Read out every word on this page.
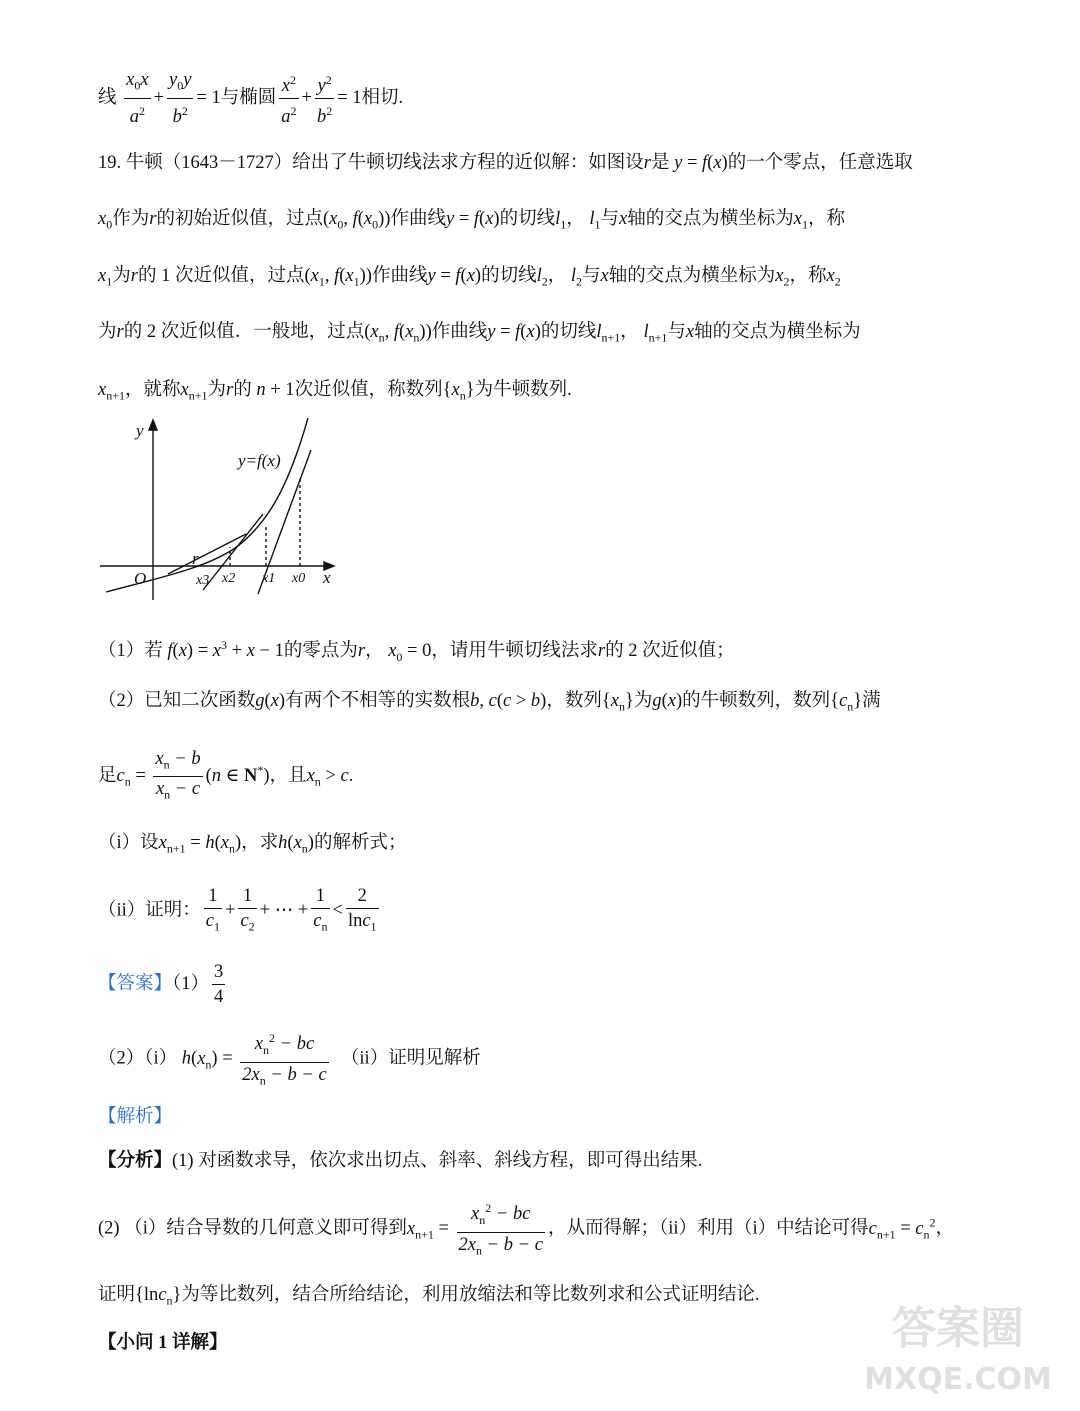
线 $\frac{x_0x}{a^2} + \frac{y_0y}{b^2} = 1$与椭圆 $\frac{x^2}{a^2} + \frac{y^2}{b^2} = 1$相切.
19. 牛顿（1643－1727）给出了牛顿切线法求方程的近似解：如图设r是 y = f(x)的一个零点，任意选取
$x_0$作为r的初始近似值，过点($x_0$, $f(x_0)$)作曲线y = f(x)的切线$l_1$， $l_1$与x轴的交点为横坐标为$x_1$，称
$x_1$为r的 1 次近似值，过点($x_1$, $f(x_1)$)作曲线y = f(x)的切线$l_2$， $l_2$与x轴的交点为横坐标为$x_2$，称$x_2$
为r的 2 次近似值．一般地，过点($x_n$, $f(x_n)$)作曲线y = f(x)的切线$l_{n+1}$， $l_{n+1}$与x轴的交点为横坐标为
$x_{n+1}$，就称$x_{n+1}$为r的 n + 1次近似值，称数列$\{x_n\}$为牛顿数列.
y
x
O
y=f(x)
r
x3 x2 x1 x0
（1）若 $f(x) = x^3 + x - 1$的零点为r， $x_0 = 0$，请用牛顿切线法求r的 2 次近似值；
（2）已知二次函数g(x)有两个不相等的实数根b, c(c > b)，数列$\{x_n\}$为g(x)的牛顿数列，数列$\{c_n\}$满
足$c_n = \frac{x_n - b}{x_n - c} (n$ ∈ N*)，且$x_n > c$.
（i）设$x_{n+1} = h(x_n)$，求$h(x_n)$的解析式；
（ii）证明： $\frac{1}{c_1} + \frac{1}{c_2}$ + ⋯ + $\frac{1}{c_n} < \frac{2}{\ln c_1}$
【答案】$(1) \frac{3}{4}$
（2）（i） $h(x_n) = \frac{x_n^2 - bc}{2x_n - b - c} (ii)$证明见解析
【解析】
【分析】(1) 对函数求导，依次求出切点、斜率、斜线方程，即可得出结果.
(2) （i）结合导数的几何意义即可得到$x_{n+1} = \frac{x_n^2 - bc}{2x_n - b - c}$ ，从而得解；（ii）利用（i）中结论可得$c_{n+1} = c_n^2$，
证明{lnc$_n$}为等比数列，结合所给结论，利用放缩法和等比数列求和公式证明结论.
【小问 1 详解】	答案圈
MXQE.COM
